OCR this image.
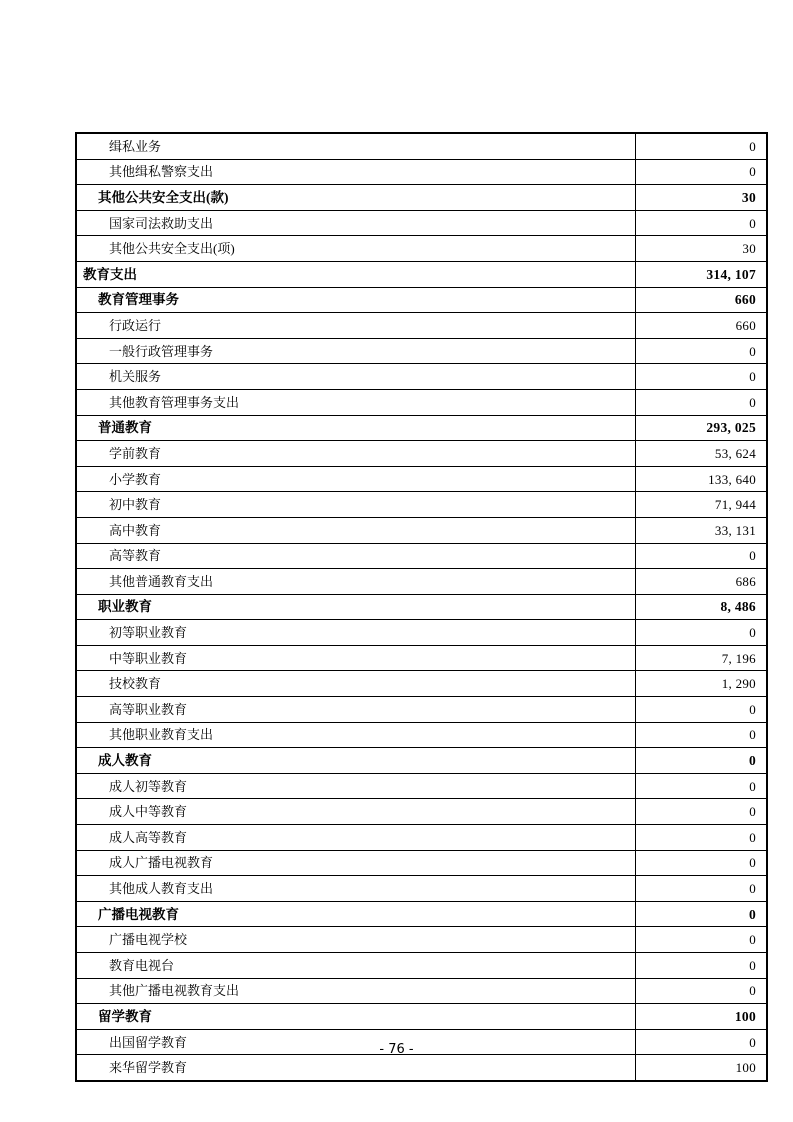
缉私业务	0
其他缉私警察支出	0
其他公共安全支出(款)	30
国家司法救助支出	0
其他公共安全支出(项)	30
教育支出	314, 107
教育管理事务	660
行政运行	660
一般行政管理事务	0
机关服务	0
其他教育管理事务支出	0
普通教育	293, 025
学前教育	53, 624
小学教育	133, 640
初中教育	71, 944
高中教育	33, 131
高等教育	0
其他普通教育支出	686
职业教育	8, 486
初等职业教育	0
中等职业教育	7, 196
技校教育	1, 290
高等职业教育	0
其他职业教育支出	0
成人教育	0
成人初等教育	0
成人中等教育	0
成人高等教育	0
成人广播电视教育	0
其他成人教育支出	0
广播电视教育	0
广播电视学校	0
教育电视台	0
其他广播电视教育支出	0
留学教育	100
出国留学教育	0
来华留学教育	100
- 76 -
